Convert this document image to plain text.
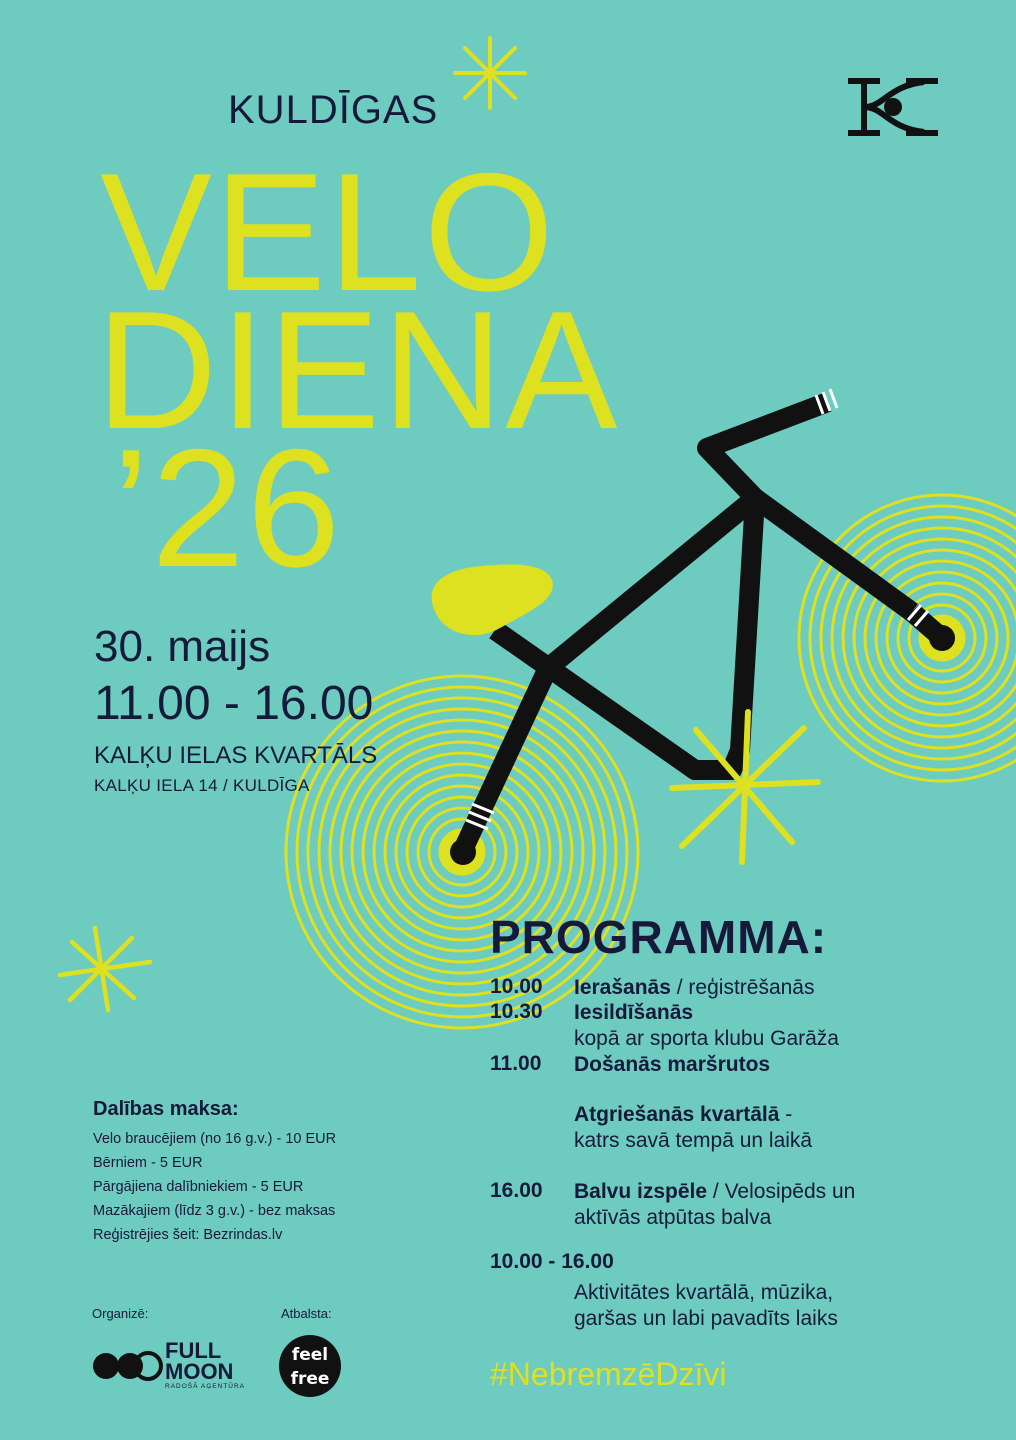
feel
free
KULDĪGAS
VELO
DIENA
’26
30. maijs
11.00 - 16.00
KALĶU IELAS KVARTĀLS
KALĶU IELA 14 / KULDĪGA
Dalības maksa:
Velo braucējiem (no 16 g.v.) - 10 EUR
Bērniem - 5 EUR
Pārgājiena dalībniekiem - 5 EUR
Mazākajiem (līdz 3 g.v.) - bez maksas
Reģistrējies šeit: Bezrindas.lv
PROGRAMMA:
10.00 Ierašanās / reģistrēšanās
10.30 Iesildīšanās
kopā ar sporta klubu Garāža
11.00 Došanās maršrutos
Atgriešanās kvartālā -
katrs savā tempā un laikā
16.00 Balvu izspēle / Velosipēds un
aktīvās atpūtas balva
10.00 - 16.00
Aktivitātes kvartālā, mūzika,
garšas un labi pavadīts laiks
#NebremzēDzīvi
Organizē:	Atbalsta:
FULL
MOON
RADOŠĀ AĢENTŪRA
